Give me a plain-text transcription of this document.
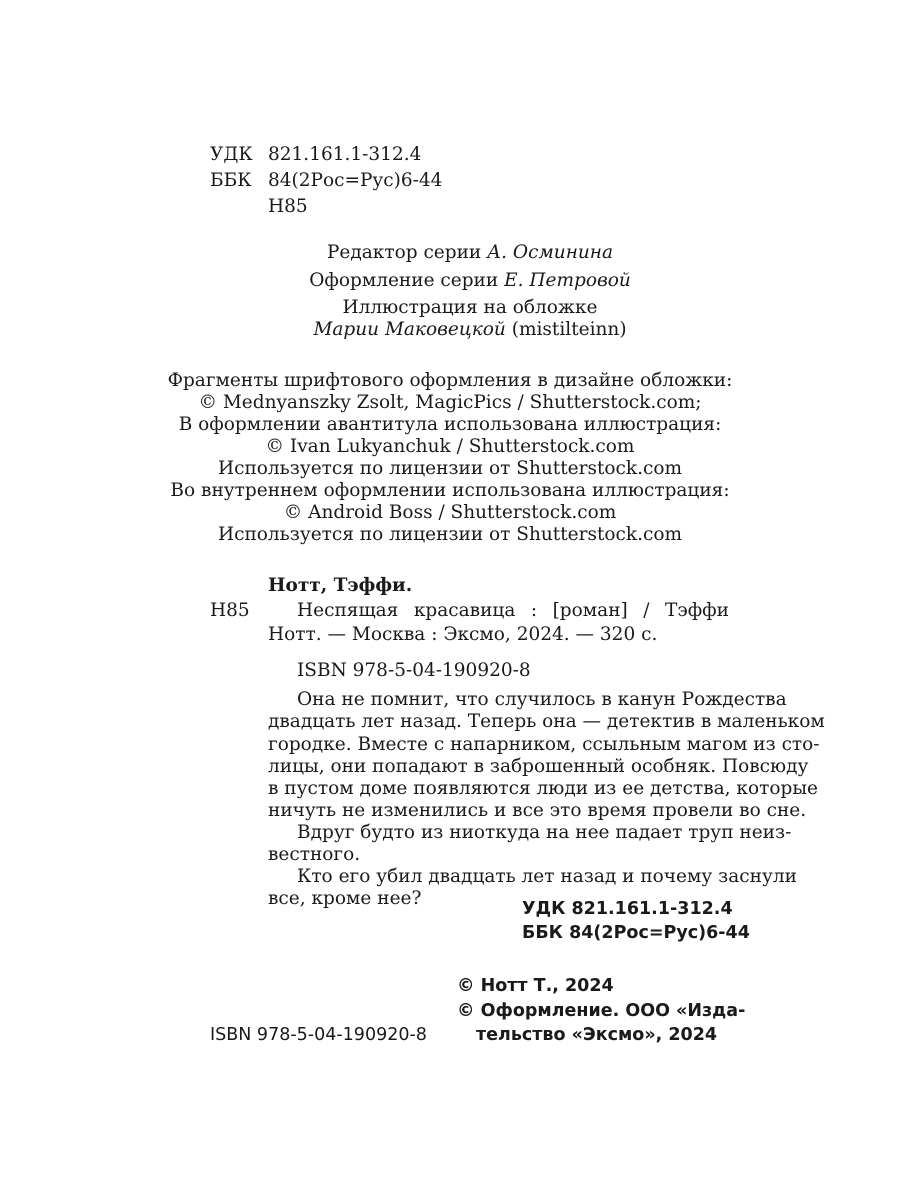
УДК 821.161.1-312.4
ББК 84(2Рос=Рус)6-44
Н85
Редактор серии А. Осминина
Оформление серии Е. Петровой
Иллюстрация на обложке
Марии Маковецкой (mistilteinn)
Фрагменты шрифтового оформления в дизайне обложки:
© Mednyanszky Zsolt, MagicPics / Shutterstock.com;
В оформлении авантитула использована иллюстрация:
© Ivan Lukyanchuk / Shutterstock.com
Используется по лицензии от Shutterstock.com
Во внутреннем оформлении использована иллюстрация:
© Android Boss / Shutterstock.com
Используется по лицензии от Shutterstock.com
Нотт, Тэффи.
Н85	Неспящая красавица : [роман] / Тэффи
Нотт. — Москва : Эксмо, 2024. — 320 с.
ISBN 978-5-04-190920-8
Она не помнит, что случилось в канун Рождества
двадцать лет назад. Теперь она — детектив в маленьком
городке. Вместе с напарником, ссыльным магом из сто-
лицы, они попадают в заброшенный особняк. Повсюду
в пустом доме появляются люди из ее детства, которые
ничуть не изменились и все это время провели во сне.
Вдруг будто из ниоткуда на нее падает труп неиз-
вестного.
Кто его убил двадцать лет назад и почему заснули
все, кроме нее?	УДК 821.161.1-312.4
ББК 84(2Рос=Рус)6-44
© Нотт Т., 2024
© Оформление. ООО «Изда-
тельство «Эксмо», 2024
ISBN 978-5-04-190920-8
